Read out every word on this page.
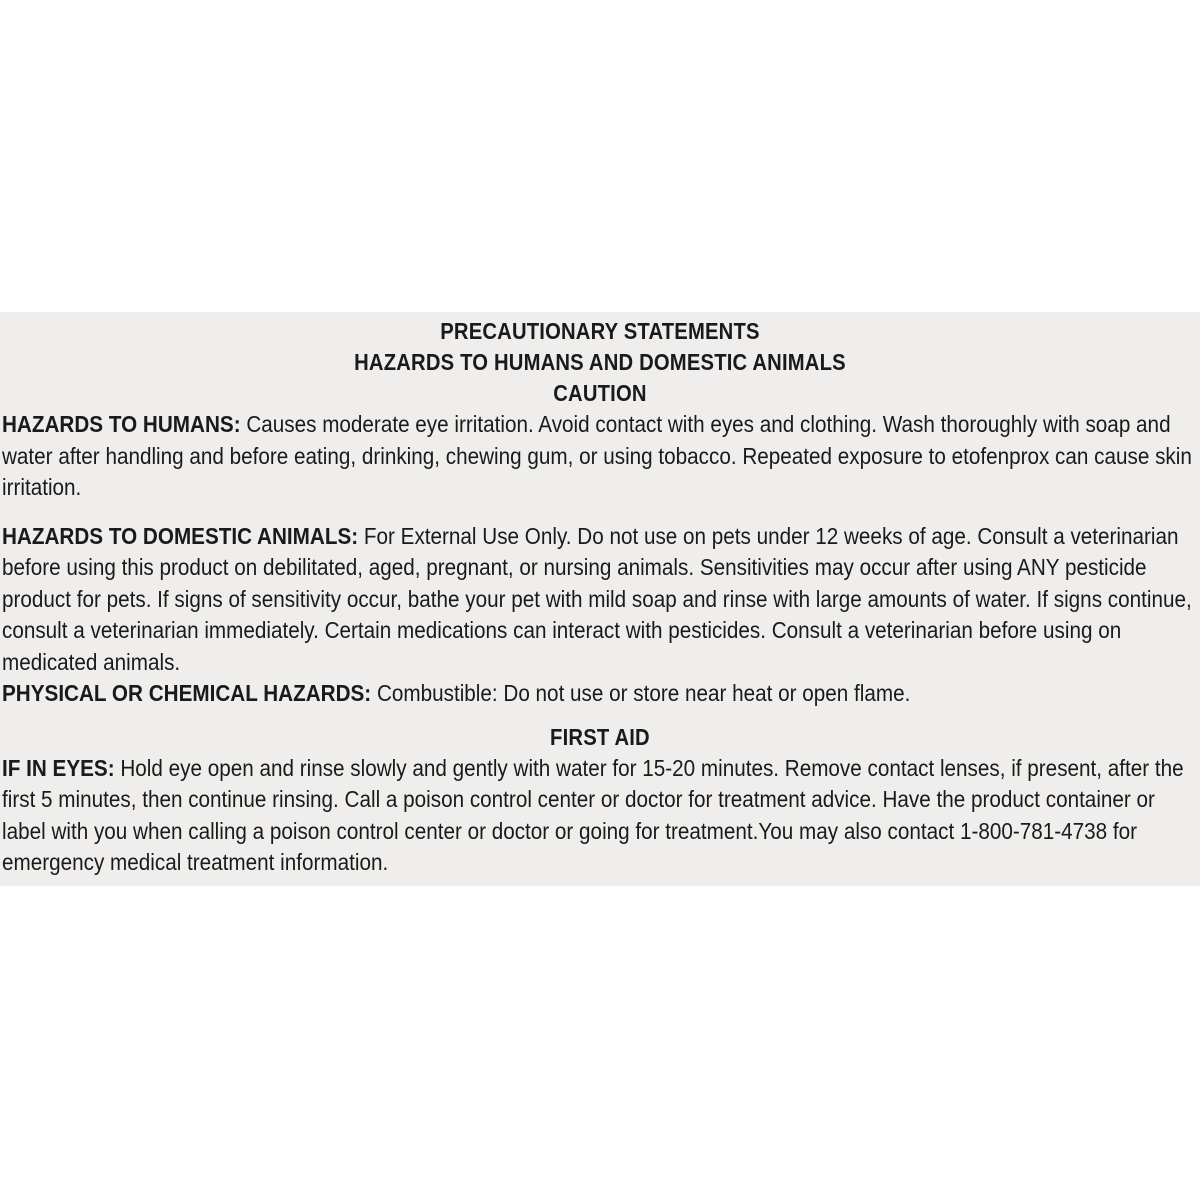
PRECAUTIONARY STATEMENTS

HAZARDS TO HUMANS AND DOMESTIC ANIMALS

CAUTION

HAZARDS TO HUMANS: Causes moderate eye irritation. Avoid contact with eyes and clothing. Wash thoroughly with soap and water after handling and before eating, drinking, chewing gum, or using tobacco. Repeated exposure to etofenprox can cause skin irritation.

HAZARDS TO DOMESTIC ANIMALS: For External Use Only. Do not use on pets under 12 weeks of age. Consult a veterinarian before using this product on debilitated, aged, pregnant, or nursing animals. Sensitivities may occur after using ANY pesticide product for pets. If signs of sensitivity occur, bathe your pet with mild soap and rinse with large amounts of water. If signs continue, consult a veterinarian immediately. Certain medications can interact with pesticides. Consult a veterinarian before using on medicated animals.

PHYSICAL OR CHEMICAL HAZARDS: Combustible: Do not use or store near heat or open flame.

FIRST AID

IF IN EYES: Hold eye open and rinse slowly and gently with water for 15-20 minutes. Remove contact lenses, if present, after the first 5 minutes, then continue rinsing. Call a poison control center or doctor for treatment advice. Have the product container or label with you when calling a poison control center or doctor or going for treatment.You may also contact 1-800-781-4738 for emergency medical treatment information.
